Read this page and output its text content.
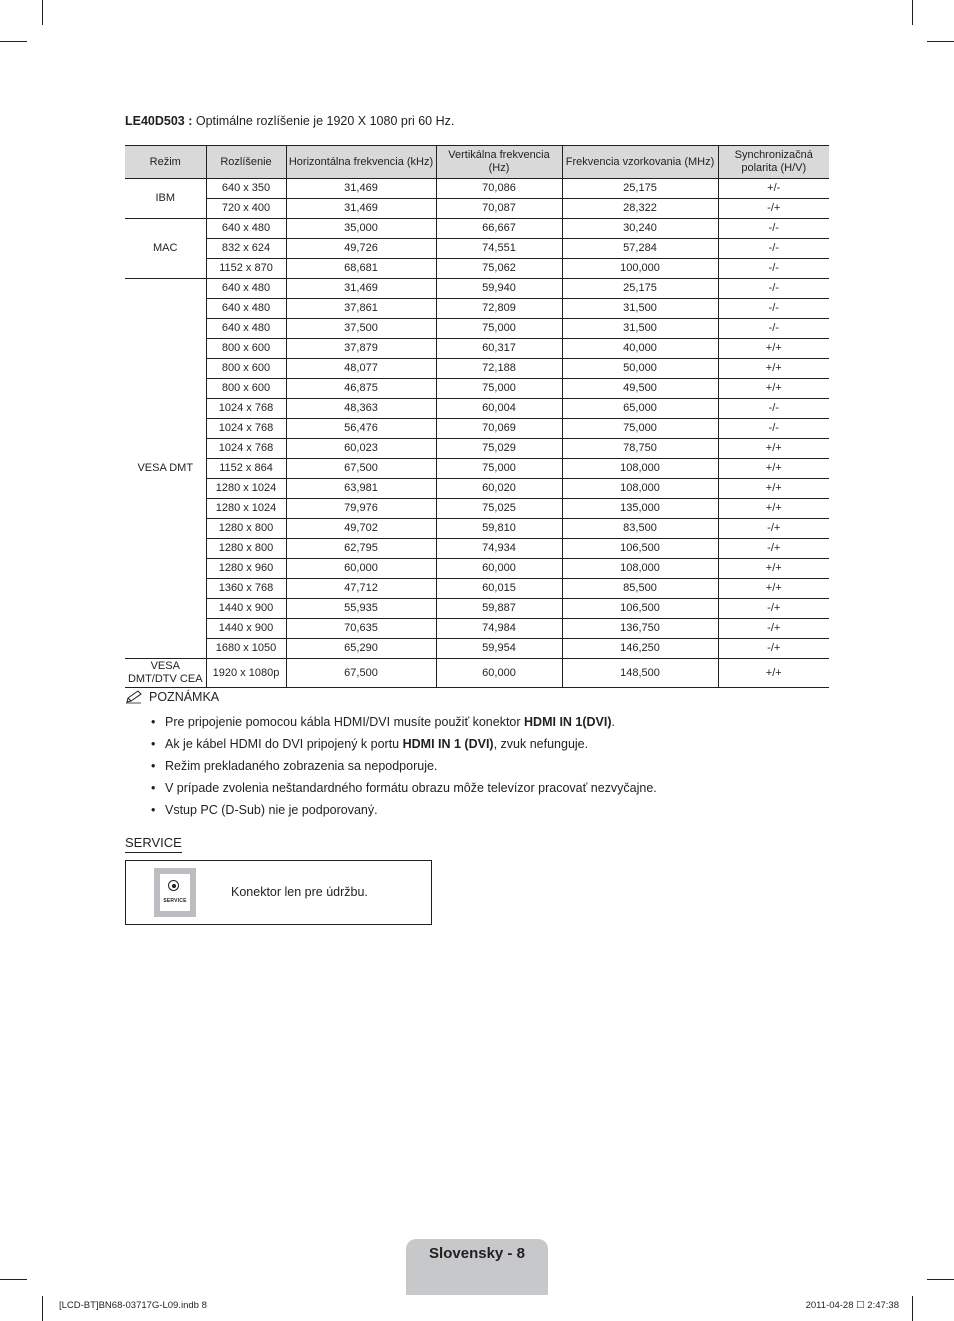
LE40D503 : Optimálne rozlíšenie je 1920 X 1080 pri 60 Hz.
Režim	Rozlíšenie	Horizontálna frekvencia (kHz)	Vertikálna frekvencia (Hz)	Frekvencia vzorkovania (MHz)	Synchronizačná polarita (H/V)
IBM	640 x 350	31,469	70,086	25,175	+/-
	720 x 400	31,469	70,087	28,322	-/+
MAC	640 x 480	35,000	66,667	30,240	-/-
	832 x 624	49,726	74,551	57,284	-/-
	1152 x 870	68,681	75,062	100,000	-/-
VESA DMT	640 x 480	31,469	59,940	25,175	-/-
	640 x 480	37,861	72,809	31,500	-/-
	640 x 480	37,500	75,000	31,500	-/-
	800 x 600	37,879	60,317	40,000	+/+
	800 x 600	48,077	72,188	50,000	+/+
	800 x 600	46,875	75,000	49,500	+/+
	1024 x 768	48,363	60,004	65,000	-/-
	1024 x 768	56,476	70,069	75,000	-/-
	1024 x 768	60,023	75,029	78,750	+/+
	1152 x 864	67,500	75,000	108,000	+/+
	1280 x 1024	63,981	60,020	108,000	+/+
	1280 x 1024	79,976	75,025	135,000	+/+
	1280 x 800	49,702	59,810	83,500	-/+
	1280 x 800	62,795	74,934	106,500	-/+
	1280 x 960	60,000	60,000	108,000	+/+
	1360 x 768	47,712	60,015	85,500	+/+
	1440 x 900	55,935	59,887	106,500	-/+
	1440 x 900	70,635	74,984	136,750	-/+
	1680 x 1050	65,290	59,954	146,250	-/+
VESA DMT/DTV CEA	1920 x 1080p	67,500	60,000	148,500	+/+
POZNÁMKA
• Pre pripojenie pomocou kábla HDMI/DVI musíte použiť konektor HDMI IN 1(DVI).
• Ak je kábel HDMI do DVI pripojený k portu HDMI IN 1 (DVI), zvuk nefunguje.
• Režim prekladaného zobrazenia sa nepodporuje.
• V prípade zvolenia neštandardného formátu obrazu môže televízor pracovať nezvyčajne.
• Vstup PC (D-Sub) nie je podporovaný.
SERVICE
SERVICE
Konektor len pre údržbu.
Slovensky - 8
[LCD-BT]BN68-03717G-L09.indb 8	2011-04-28 ☐ 2:47:38
